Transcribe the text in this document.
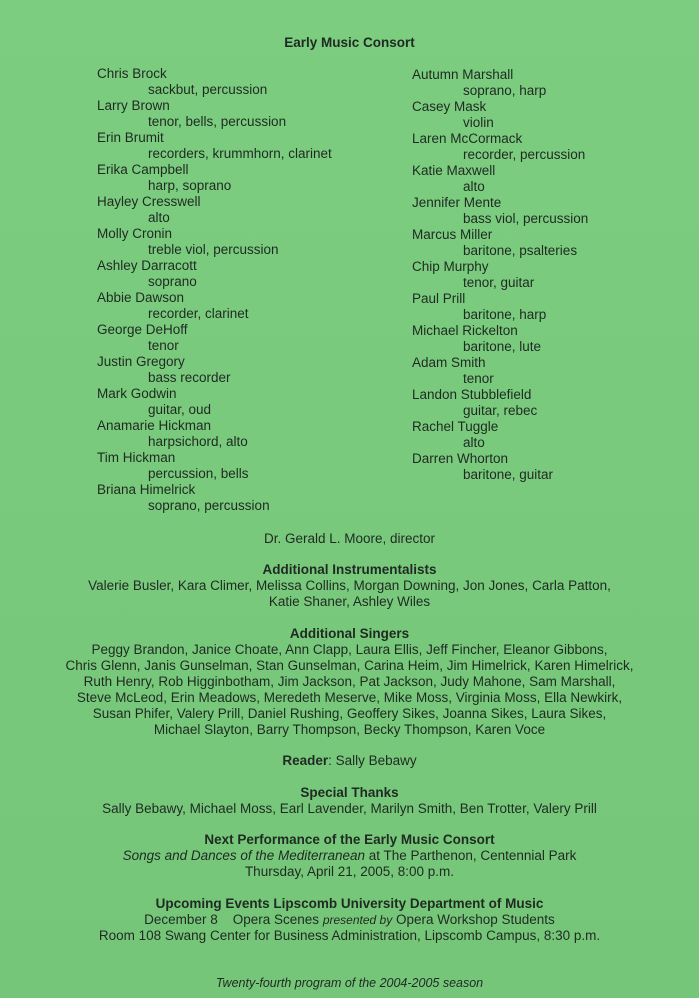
Early Music Consort
Chris Brock
sackbut, percussion
Larry Brown
tenor, bells, percussion
Erin Brumit
recorders, krummhorn, clarinet
Erika Campbell
harp, soprano
Hayley Cresswell
alto
Molly Cronin
treble viol, percussion
Ashley Darracott
soprano
Abbie Dawson
recorder, clarinet
George DeHoff
tenor
Justin Gregory
bass recorder
Mark Godwin
guitar, oud
Anamarie Hickman
harpsichord, alto
Tim Hickman
percussion, bells
Briana Himelrick
soprano, percussion
Autumn Marshall
soprano, harp
Casey Mask
violin
Laren McCormack
recorder, percussion
Katie Maxwell
alto
Jennifer Mente
bass viol, percussion
Marcus Miller
baritone, psalteries
Chip Murphy
tenor, guitar
Paul Prill
baritone, harp
Michael Rickelton
baritone, lute
Adam Smith
tenor
Landon Stubblefield
guitar, rebec
Rachel Tuggle
alto
Darren Whorton
baritone, guitar
Dr. Gerald L. Moore, director
Additional Instrumentalists
Valerie Busler, Kara Climer, Melissa Collins, Morgan Downing, Jon Jones, Carla Patton,
Katie Shaner, Ashley Wiles
Additional Singers
Peggy Brandon, Janice Choate, Ann Clapp, Laura Ellis, Jeff Fincher, Eleanor Gibbons,
Chris Glenn, Janis Gunselman, Stan Gunselman, Carina Heim, Jim Himelrick, Karen Himelrick,
Ruth Henry, Rob Higginbotham, Jim Jackson, Pat Jackson, Judy Mahone, Sam Marshall,
Steve McLeod, Erin Meadows, Meredeth Meserve, Mike Moss, Virginia Moss, Ella Newkirk,
Susan Phifer, Valery Prill, Daniel Rushing, Geoffery Sikes, Joanna Sikes, Laura Sikes,
Michael Slayton, Barry Thompson, Becky Thompson, Karen Voce
Reader: Sally Bebawy
Special Thanks
Sally Bebawy, Michael Moss, Earl Lavender, Marilyn Smith, Ben Trotter, Valery Prill
Next Performance of the Early Music Consort
Songs and Dances of the Mediterranean at The Parthenon, Centennial Park
Thursday, April 21, 2005, 8:00 p.m.
Upcoming Events Lipscomb University Department of Music
December 8 Opera Scenes presented by Opera Workshop Students
Room 108 Swang Center for Business Administration, Lipscomb Campus, 8:30 p.m.
Twenty-fourth program of the 2004-2005 season
